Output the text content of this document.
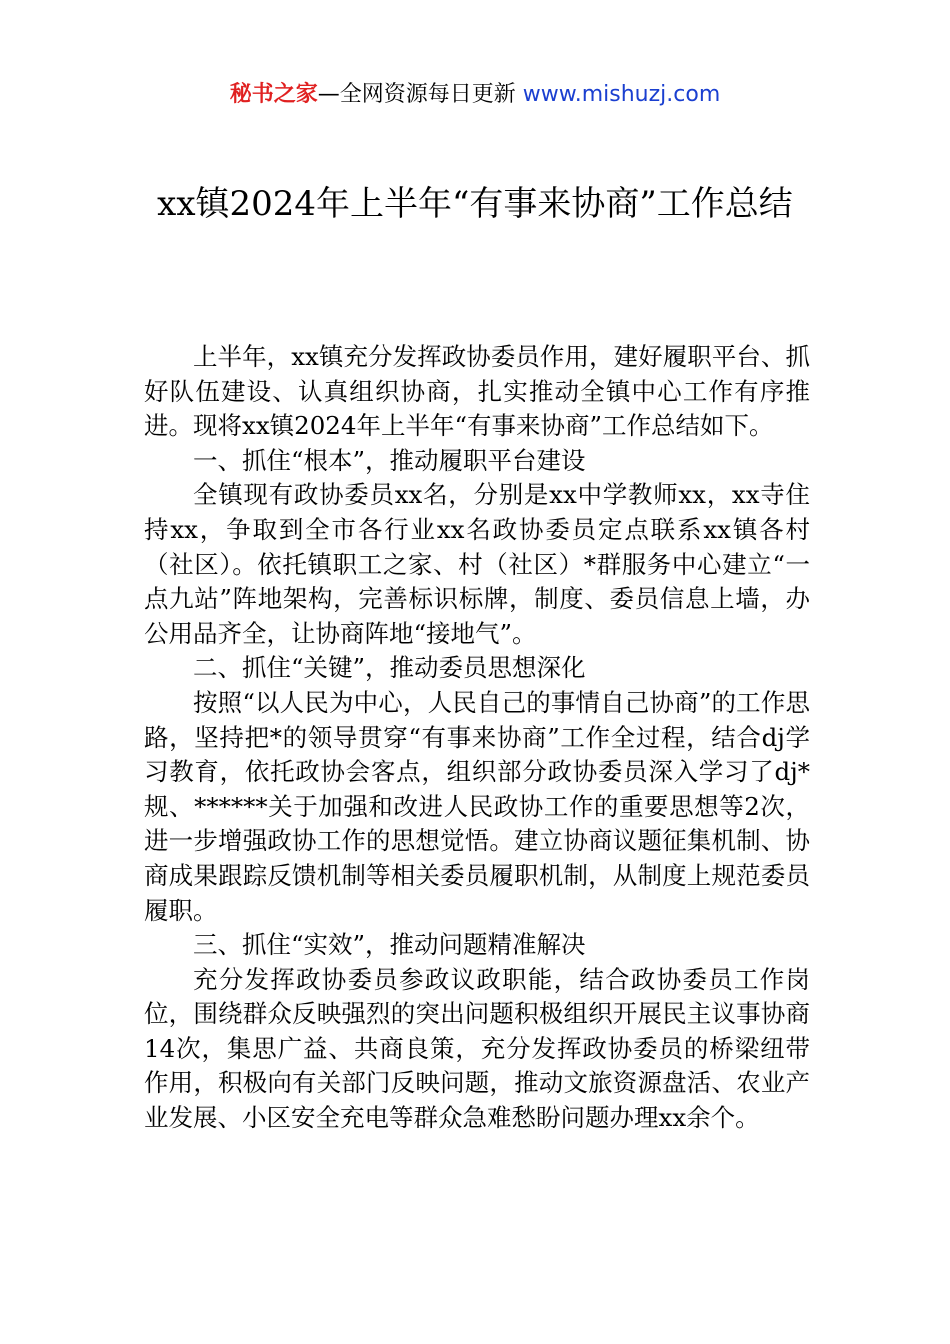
秘书之家—全网资源每日更新 www.mishuzj.com
xx镇2024年上半年“有事来协商”工作总结

上半年，xx镇充分发挥政协委员作用，建好履职平台、抓好队伍建设、认真组织协商，扎实推动全镇中心工作有序推进。现将xx镇2024年上半年“有事来协商”工作总结如下。

一、抓住“根本”，推动履职平台建设

全镇现有政协委员xx名，分别是xx中学教师xx，xx寺住持xx，争取到全市各行业xx名政协委员定点联系xx镇各村（社区）。依托镇职工之家、村（社区）*群服务中心建立“一点九站”阵地架构，完善标识标牌，制度、委员信息上墙，办公用品齐全，让协商阵地“接地气”。

二、抓住“关键”，推动委员思想深化

按照“以人民为中心，人民自己的事情自己协商”的工作思路，坚持把*的领导贯穿“有事来协商”工作全过程，结合dj学习教育，依托政协会客点，组织部分政协委员深入学习了dj*规、******关于加强和改进人民政协工作的重要思想等2次，进一步增强政协工作的思想觉悟。建立协商议题征集机制、协商成果跟踪反馈机制等相关委员履职机制，从制度上规范委员履职。

三、抓住“实效”，推动问题精准解决

充分发挥政协委员参政议政职能，结合政协委员工作岗位，围绕群众反映强烈的突出问题积极组织开展民主议事协商14次，集思广益、共商良策，充分发挥政协委员的桥梁纽带作用，积极向有关部门反映问题，推动文旅资源盘活、农业产业发展、小区安全充电等群众急难愁盼问题办理xx余个。
